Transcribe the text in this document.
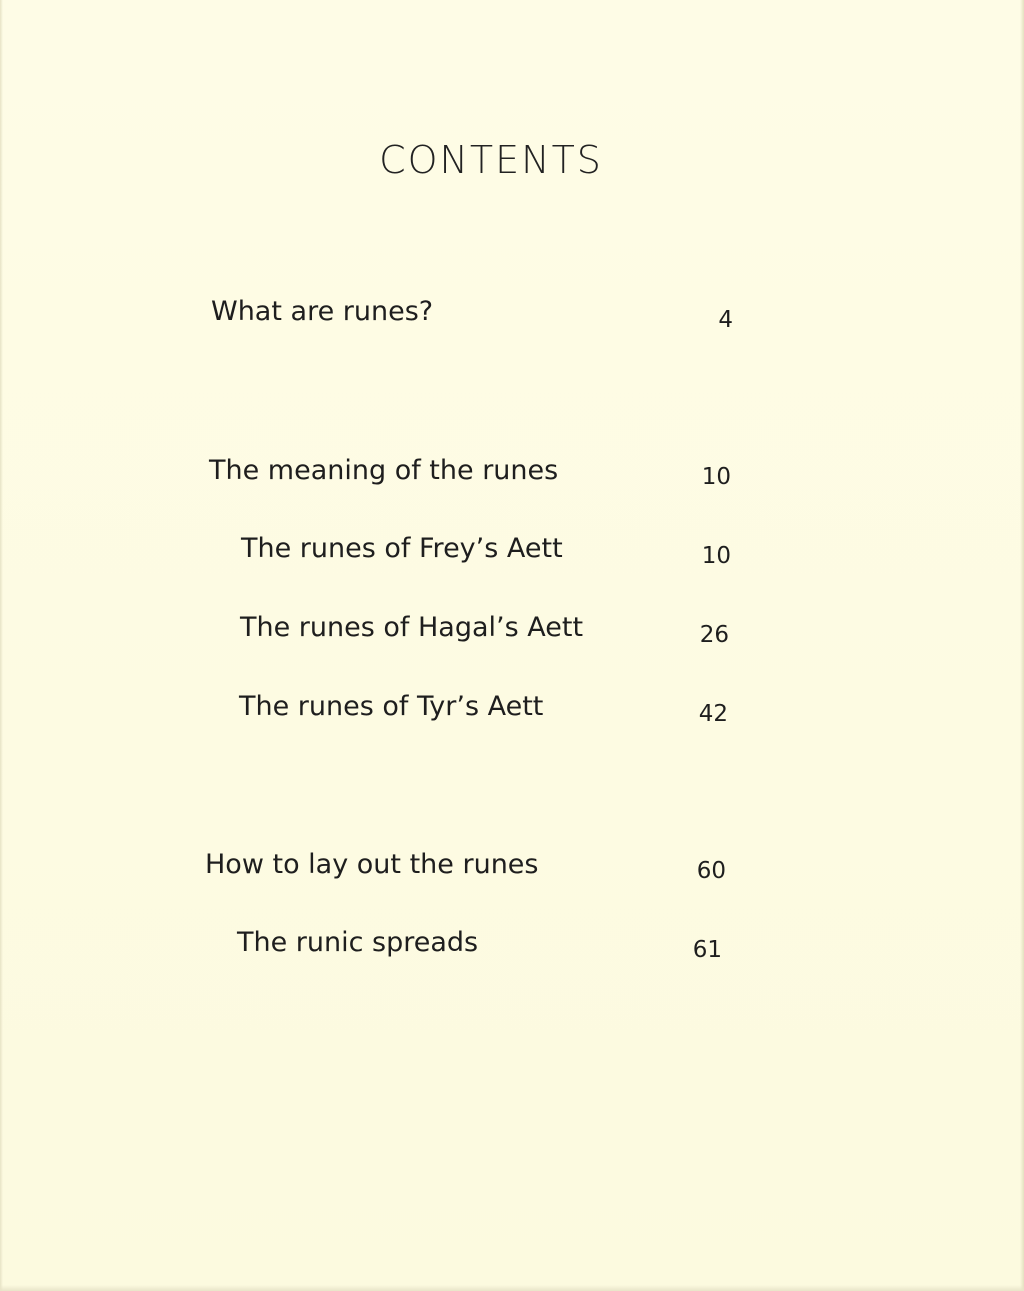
CONTENTS
What are runes?	4
The meaning of the runes	10
The runes of Frey’s Aett	10
The runes of Hagal’s Aett	26
The runes of Tyr’s Aett	42
How to lay out the runes	60
The runic spreads	61
